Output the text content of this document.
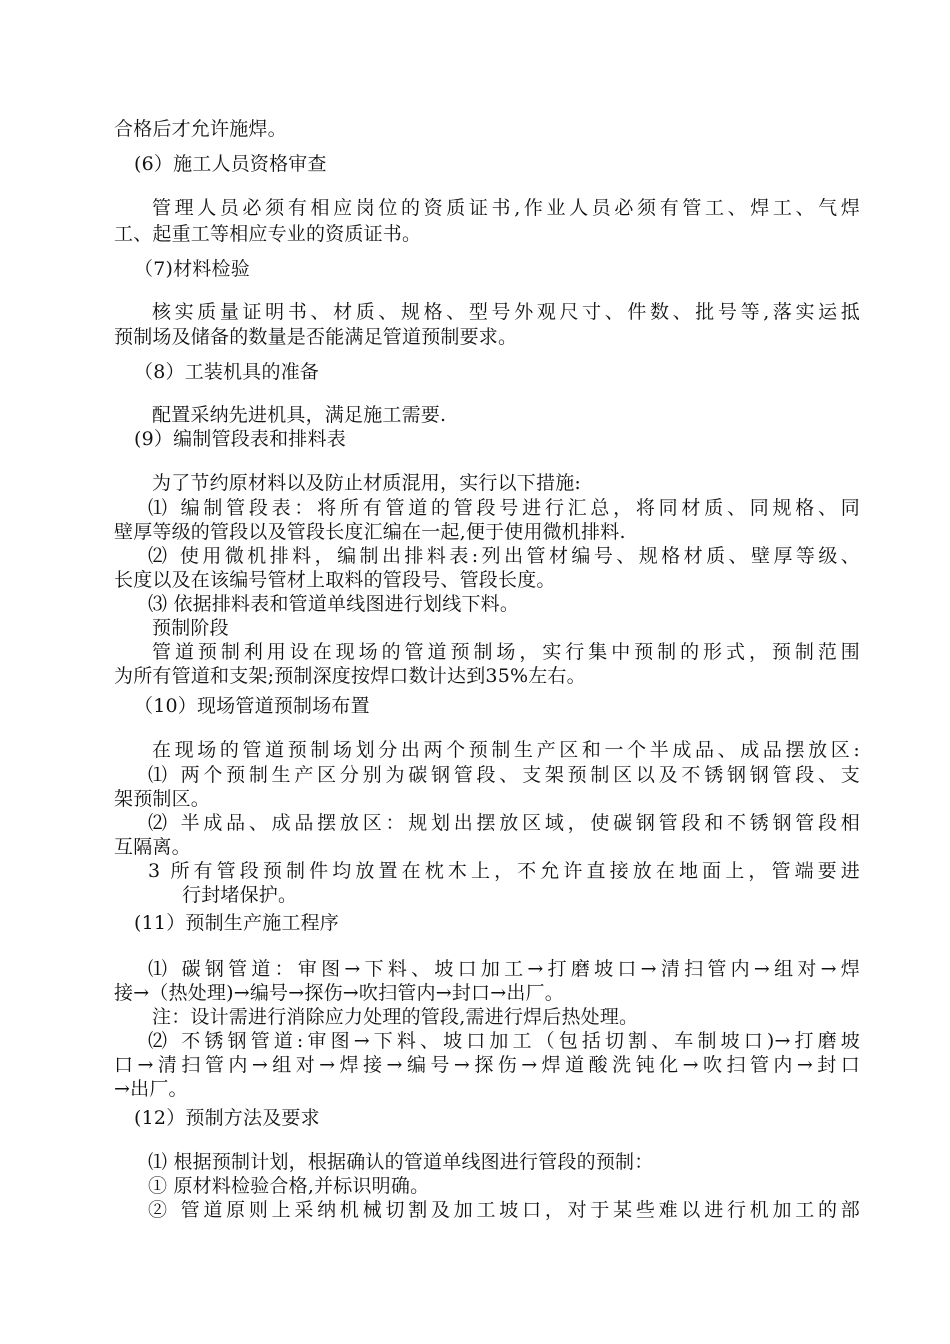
合格后才允许施焊。
(6）施工人员资格审查
管理人员必须有相应岗位的资质证书,作业人员必须有管工、焊工、气焊
工、起重工等相应专业的资质证书。
（7)材料检验
核实质量证明书、材质、规格、型号外观尺寸、件数、批号等,落实运抵
预制场及储备的数量是否能满足管道预制要求。
（8）工装机具的准备
配置采纳先进机具，满足施工需要.
(9）编制管段表和排料表
为了节约原材料以及防止材质混用，实行以下措施:
⑴ 编制管段表：将所有管道的管段号进行汇总，将同材质、同规格、同
壁厚等级的管段以及管段长度汇编在一起,便于使用微机排料.
⑵ 使用微机排料，编制出排料表:列出管材编号、规格材质、壁厚等级、
长度以及在该编号管材上取料的管段号、管段长度。
⑶ 依据排料表和管道单线图进行划线下料。
预制阶段
管道预制利用设在现场的管道预制场，实行集中预制的形式，预制范围
为所有管道和支架;预制深度按焊口数计达到35%左右。
（10）现场管道预制场布置
在现场的管道预制场划分出两个预制生产区和一个半成品、成品摆放区:
⑴ 两个预制生产区分别为碳钢管段、支架预制区以及不锈钢钢管段、支
架预制区。
⑵ 半成品、成品摆放区：规划出摆放区域，使碳钢管段和不锈钢管段相
互隔离。
3 所有管段预制件均放置在枕木上，不允许直接放在地面上，管端要进
行封堵保护。
(11）预制生产施工程序
⑴ 碳钢管道：审图→下料、坡口加工→打磨坡口→清扫管内→组对→焊
接→（热处理)→编号→探伤→吹扫管内→封口→出厂。
注：设计需进行消除应力处理的管段,需进行焊后热处理。
⑵ 不锈钢管道:审图→下料、坡口加工（包括切割、车制坡口)→打磨坡
口→清扫管内→组对→焊接→编号→探伤→焊道酸洗钝化→吹扫管内→封口
→出厂。
(12）预制方法及要求
⑴ 根据预制计划，根据确认的管道单线图进行管段的预制：
① 原材料检验合格,并标识明确。
② 管道原则上采纳机械切割及加工坡口，对于某些难以进行机加工的部
